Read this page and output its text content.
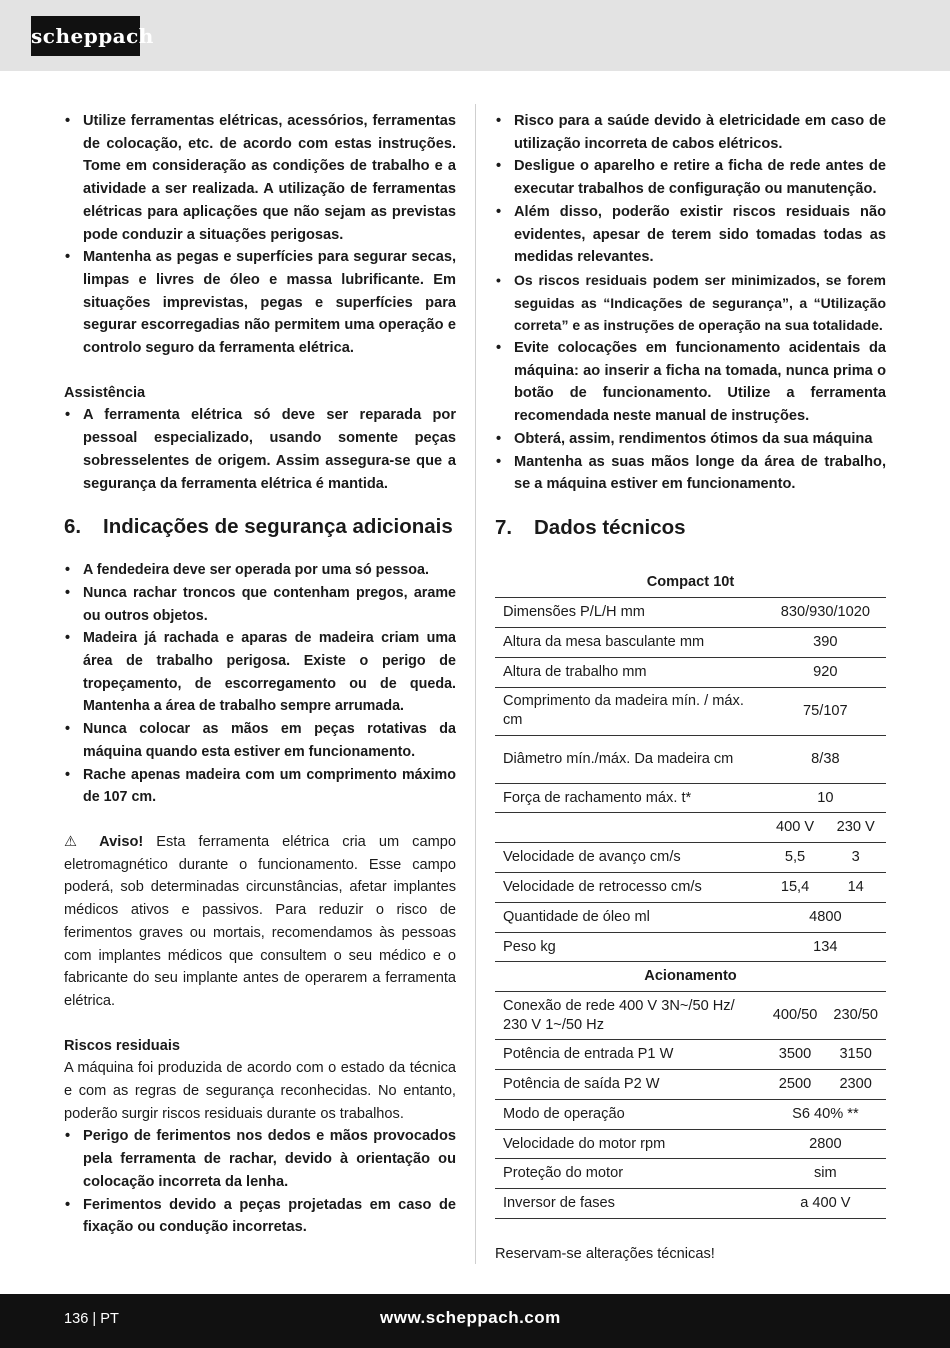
scheppach
• Utilize ferramentas elétricas, acessórios, ferramentas de colocação, etc. de acordo com estas instruções. Tome em consideração as condições de trabalho e a atividade a ser realizada. A utilização de ferramentas elétricas para aplicações que não sejam as previstas pode conduzir a situações perigosas.
• Mantenha as pegas e superfícies para segurar secas, limpas e livres de óleo e massa lubrificante. Em situações imprevistas, pegas e superfícies para segurar escorregadias não permitem uma operação e controlo seguro da ferramenta elétrica.
Assistência
• A ferramenta elétrica só deve ser reparada por pessoal especializado, usando somente peças sobresselentes de origem. Assim assegura-se que a segurança da ferramenta elétrica é mantida.
6.	Indicações de segurança adicionais
• A fendedeira deve ser operada por uma só pessoa.
• Nunca rachar troncos que contenham pregos, arame ou outros objetos.
• Madeira já rachada e aparas de madeira criam uma área de trabalho perigosa. Existe o perigo de tropeçamento, de escorregamento ou de queda. Mantenha a área de trabalho sempre arrumada.
• Nunca colocar as mãos em peças rotativas da máquina quando esta estiver em funcionamento.
• Rache apenas madeira com um comprimento máximo de 107 cm.

⚠ Aviso! Esta ferramenta elétrica cria um campo eletromagnético durante o funcionamento. Esse campo poderá, sob determinadas circunstâncias, afetar implantes médicos ativos e passivos. Para reduzir o risco de ferimentos graves ou mortais, recomendamos às pessoas com implantes médicos que consultem o seu médico e o fabricante do seu implante antes de operarem a ferramenta elétrica.

Riscos residuais

A máquina foi produzida de acordo com o estado da técnica e com as regras de segurança reconhecidas. No entanto, poderão surgir riscos residuais durante os trabalhos.

• Perigo de ferimentos nos dedos e mãos provocados pela ferramenta de rachar, devido à orientação ou colocação incorreta da lenha.
• Ferimentos devido a peças projetadas em caso de fixação ou condução incorretas.
• Risco para a saúde devido à eletricidade em caso de utilização incorreta de cabos elétricos.
• Desligue o aparelho e retire a ficha de rede antes de executar trabalhos de configuração ou manutenção.
• Além disso, poderão existir riscos residuais não evidentes, apesar de terem sido tomadas todas as medidas relevantes.
• Os riscos residuais podem ser minimizados, se forem seguidas as “Indicações de segurança”, a “Utilização correta” e as instruções de operação na sua totalidade.
• Evite colocações em funcionamento acidentais da máquina: ao inserir a ficha na tomada, nunca prima o botão de funcionamento. Utilize a ferramenta recomendada neste manual de instruções.
• Obterá, assim, rendimentos ótimos da sua máquina
• Mantenha as suas mãos longe da área de trabalho, se a máquina estiver em funcionamento.
7.	Dados técnicos
Compact 10t		
Dimensões P/L/H mm	830/930/1020	
Altura da mesa basculante mm	390	
Altura de trabalho mm	920	
Comprimento da madeira mín. / máx. cm	75/107	
Diâmetro mín./máx. Da madeira cm	8/38	
Força de rachamento máx. t*	10	
	400 V	230 V
Velocidade de avanço cm/s	5,5	3
Velocidade de retrocesso cm/s	15,4	14
Quantidade de óleo ml	4800	
Peso kg	134	
Acionamento		
Conexão de rede 400 V 3N~/50 Hz/ 230 V 1~/50 Hz	400/50	230/50
Potência de entrada P1 W	3500	3150
Potência de saída P2 W	2500	2300
Modo de operação	S6 40% **	
Velocidade do motor rpm	2800	
Proteção do motor	sim	
Inversor de fases	a 400 V	

Reservam-se alterações técnicas!

136 | PT	www.scheppach.com
